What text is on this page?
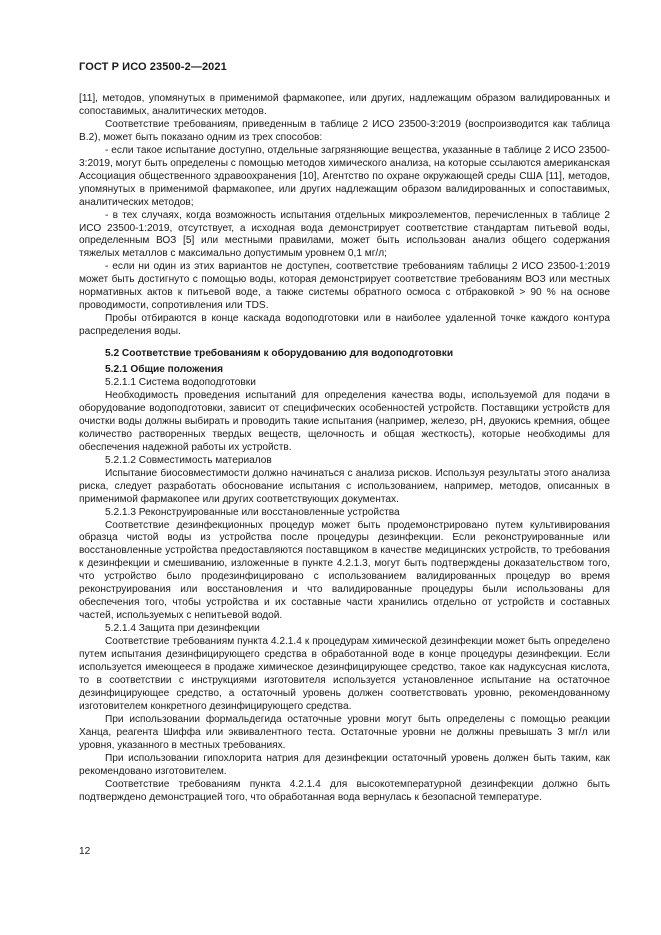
ГОСТ Р ИСО 23500-2—2021

[11], методов, упомянутых в применимой фармакопее, или других, надлежащим образом валидированных и сопоставимых, аналитических методов.

Соответствие требованиям, приведенным в таблице 2 ИСО 23500-3:2019 (воспроизводится как таблица В.2), может быть показано одним из трех способов:

- если такое испытание доступно, отдельные загрязняющие вещества, указанные в таблице 2 ИСО 23500-3:2019, могут быть определены с помощью методов химического анализа, на которые ссылаются американская Ассоциация общественного здравоохранения [10], Агентство по охране окружающей среды США [11], методов, упомянутых в применимой фармакопее, или других надлежащим образом валидированных и сопоставимых, аналитических методов;

- в тех случаях, когда возможность испытания отдельных микроэлементов, перечисленных в таблице 2 ИСО 23500-1:2019, отсутствует, а исходная вода демонстрирует соответствие стандартам питьевой воды, определенным ВОЗ [5] или местными правилами, может быть использован анализ общего содержания тяжелых металлов с максимально допустимым уровнем 0,1 мг/л;

- если ни один из этих вариантов не доступен, соответствие требованиям таблицы 2 ИСО 23500-1:2019 может быть достигнуто с помощью воды, которая демонстрирует соответствие требованиям ВОЗ или местных нормативных актов к питьевой воде, а также системы обратного осмоса с отбраковкой > 90 % на основе проводимости, сопротивления или TDS.

Пробы отбираются в конце каскада водоподготовки или в наиболее удаленной точке каждого контура распределения воды.

5.2 Соответствие требованиям к оборудованию для водоподготовки
5.2.1 Общие положения
5.2.1.1 Система водоподготовки

Необходимость проведения испытаний для определения качества воды, используемой для подачи в оборудование водоподготовки, зависит от специфических особенностей устройств. Поставщики устройств для очистки воды должны выбирать и проводить такие испытания (например, железо, pH, двуокись кремния, общее количество растворенных твердых веществ, щелочность и общая жесткость), которые необходимы для обеспечения надежной работы их устройств.

5.2.1.2 Совместимость материалов

Испытание биосовместимости должно начинаться с анализа рисков. Используя результаты этого анализа риска, следует разработать обоснование испытания с использованием, например, методов, описанных в применимой фармакопее или других соответствующих документах.

5.2.1.3 Реконструированные или восстановленные устройства

Соответствие дезинфекционных процедур может быть продемонстрировано путем культивирования образца чистой воды из устройства после процедуры дезинфекции. Если реконструированные или восстановленные устройства предоставляются поставщиком в качестве медицинских устройств, то требования к дезинфекции и смешиванию, изложенные в пункте 4.2.1.3, могут быть подтверждены доказательством того, что устройство было продезинфицировано с использованием валидированных процедур во время реконструирования или восстановления и что валидированные процедуры были использованы для обеспечения того, чтобы устройства и их составные части хранились отдельно от устройств и составных частей, используемых с непитьевой водой.

5.2.1.4 Защита при дезинфекции

Соответствие требованиям пункта 4.2.1.4 к процедурам химической дезинфекции может быть определено путем испытания дезинфицирующего средства в обработанной воде в конце процедуры дезинфекции. Если используется имеющееся в продаже химическое дезинфицирующее средство, такое как надуксусная кислота, то в соответствии с инструкциями изготовителя используется установленное испытание на остаточное дезинфицирующее средство, а остаточный уровень должен соответствовать уровню, рекомендованному изготовителем конкретного дезинфицирующего средства.

При использовании формальдегида остаточные уровни могут быть определены с помощью реакции Ханца, реагента Шиффа или эквивалентного теста. Остаточные уровни не должны превышать 3 мг/л или уровня, указанного в местных требованиях.

При использовании гипохлорита натрия для дезинфекции остаточный уровень должен быть таким, как рекомендовано изготовителем.

Соответствие требованиям пункта 4.2.1.4 для высокотемпературной дезинфекции должно быть подтверждено демонстрацией того, что обработанная вода вернулась к безопасной температуре.

12
